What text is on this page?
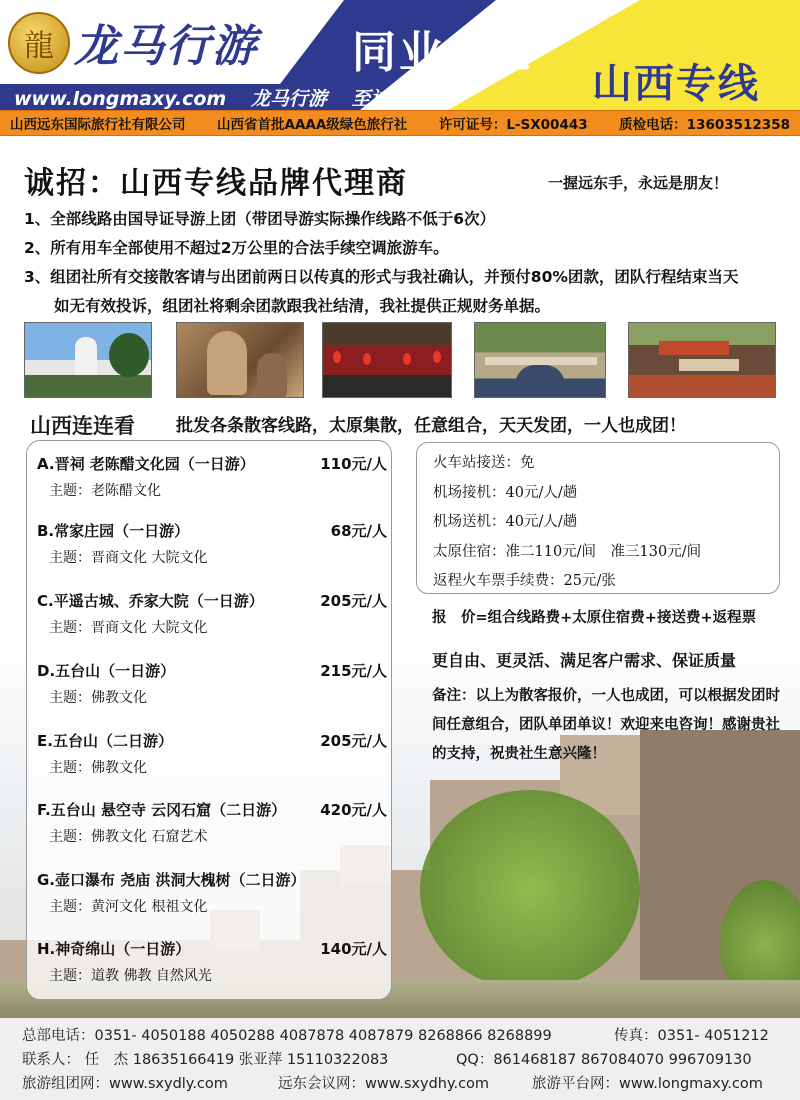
龍 龙马行游 同业中心
山西专线
www.longmaxy.com 龙马行游 至诚天下
山西远东国际旅行社有限公司 山西省首批AAAA级绿色旅行社 许可证号：L-SX00443 质检电话：13603512358
诚招：山西专线品牌代理商	一握远东手，永远是朋友！
1、全部线路由国导证导游上团（带团导游实际操作线路不低于6次）
2、所有用车全部使用不超过2万公里的合法手续空调旅游车。
3、组团社所有交接散客请与出团前两日以传真的形式与我社确认，并预付80%团款，团队行程结束当天
如无有效投诉，组团社将剩余团款跟我社结清，我社提供正规财务单据。
山西连连看 批发各条散客线路，太原集散，任意组合，天天发团，一人也成团！
A.晋祠 老陈醋文化园（一日游）	110元/人
主题：老陈醋文化
B.常家庄园（一日游）	68元/人
主题：晋商文化 大院文化
C.平遥古城、乔家大院（一日游）	205元/人
主题：晋商文化 大院文化
D.五台山（一日游）	215元/人
主题：佛教文化
E.五台山（二日游）	205元/人
主题：佛教文化
F.五台山 悬空寺 云冈石窟（二日游） 420元/人
主题：佛教文化 石窟艺术
G.壶口瀑布 尧庙 洪洞大槐树（二日游）
主题：黄河文化 根祖文化
H.神奇绵山（一日游）	140元/人
主题：道教 佛教 自然风光
火车站接送：免
机场接机：40元/人/趟
机场送机：40元/人/趟
太原住宿：准二110元/间　准三130元/间
返程火车票手续费：25元/张
报　价=组合线路费+太原住宿费+接送费+返程票
更自由、更灵活、满足客户需求、保证质量
备注：以上为散客报价，一人也成团，可以根据发团时间任意组合，团队单团单议！欢迎来电咨询！感谢贵社的支持，祝贵社生意兴隆！
总部电话：0351- 4050188 4050288 4087878 4087879 8268866 8268899	传真：0351- 4051212
联系人： 任　杰 18635166419 张亚萍 15110322083	QQ：861468187 867084070 996709130
旅游组团网：www.sxydly.com	远东会议网：www.sxydhy.com	旅游平台网：www.longmaxy.com
